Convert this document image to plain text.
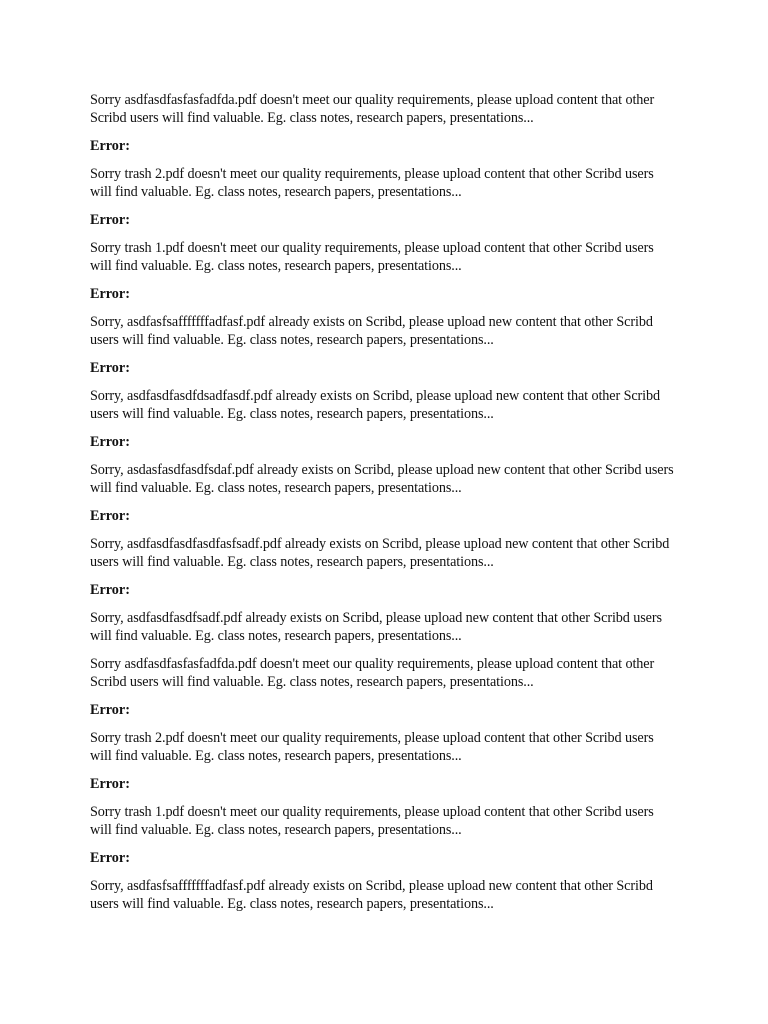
Sorry asdfasdfasfasfadfda.pdf doesn't meet our quality requirements, please upload content that other Scribd users will find valuable. Eg. class notes, research papers, presentations...

Error:

Sorry trash 2.pdf doesn't meet our quality requirements, please upload content that other Scribd users will find valuable. Eg. class notes, research papers, presentations...

Error:

Sorry trash 1.pdf doesn't meet our quality requirements, please upload content that other Scribd users will find valuable. Eg. class notes, research papers, presentations...

Error:

Sorry, asdfasfsafffffffadfasf.pdf already exists on Scribd, please upload new content that other Scribd users will find valuable. Eg. class notes, research papers, presentations...

Error:

Sorry, asdfasdfasdfdsadfasdf.pdf already exists on Scribd, please upload new content that other Scribd users will find valuable. Eg. class notes, research papers, presentations...

Error:

Sorry, asdasfasdfasdfsdaf.pdf already exists on Scribd, please upload new content that other Scribd users will find valuable. Eg. class notes, research papers, presentations...

Error:

Sorry, asdfasdfasdfasdfasfsadf.pdf already exists on Scribd, please upload new content that other Scribd users will find valuable. Eg. class notes, research papers, presentations...

Error:

Sorry, asdfasdfasdfsadf.pdf already exists on Scribd, please upload new content that other Scribd users will find valuable. Eg. class notes, research papers, presentations...

Sorry asdfasdfasfasfadfda.pdf doesn't meet our quality requirements, please upload content that other Scribd users will find valuable. Eg. class notes, research papers, presentations...

Error:

Sorry trash 2.pdf doesn't meet our quality requirements, please upload content that other Scribd users will find valuable. Eg. class notes, research papers, presentations...

Error:

Sorry trash 1.pdf doesn't meet our quality requirements, please upload content that other Scribd users will find valuable. Eg. class notes, research papers, presentations...

Error:

Sorry, asdfasfsafffffffadfasf.pdf already exists on Scribd, please upload new content that other Scribd users will find valuable. Eg. class notes, research papers, presentations...
